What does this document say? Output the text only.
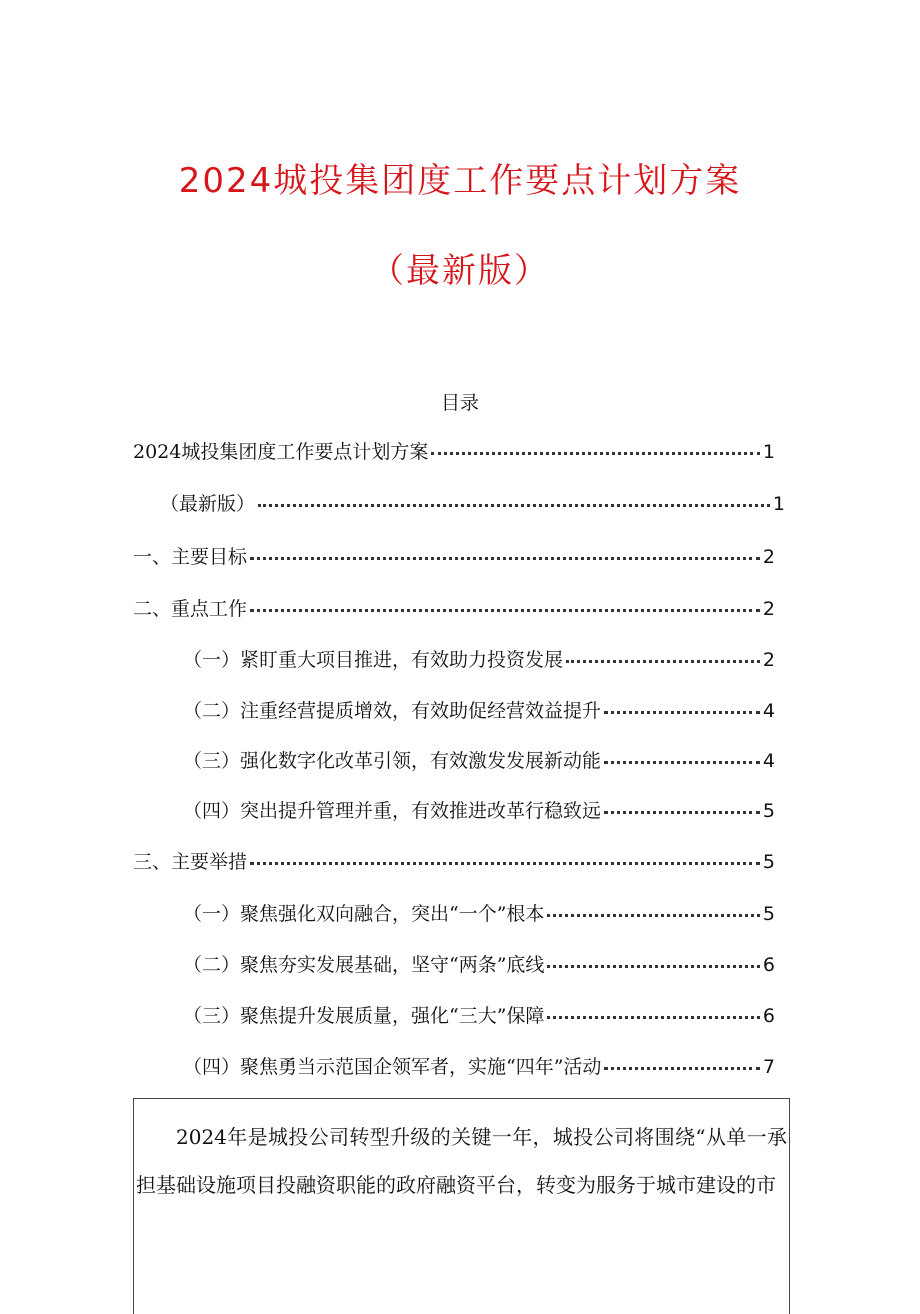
2024城投集团度工作要点计划方案
（最新版）
目录
2024城投集团度工作要点计划方案	1
（最新版）	1
一、主要目标	2
二、重点工作	2
（一）紧盯重大项目推进，有效助力投资发展	2
（二）注重经营提质增效，有效助促经营效益提升	4
（三）强化数字化改革引领，有效激发发展新动能	4
（四）突出提升管理并重，有效推进改革行稳致远	5
三、主要举措	5
（一）聚焦强化双向融合，突出“一个”根本	5
（二）聚焦夯实发展基础，坚守“两条”底线	6
（三）聚焦提升发展质量，强化“三大”保障	6
（四）聚焦勇当示范国企领军者，实施“四年”活动	7

2024年是城投公司转型升级的关键一年，城投公司将围绕“从单一承担基础设施项目投融资职能的政府融资平台，转变为服务于城市建设的市
